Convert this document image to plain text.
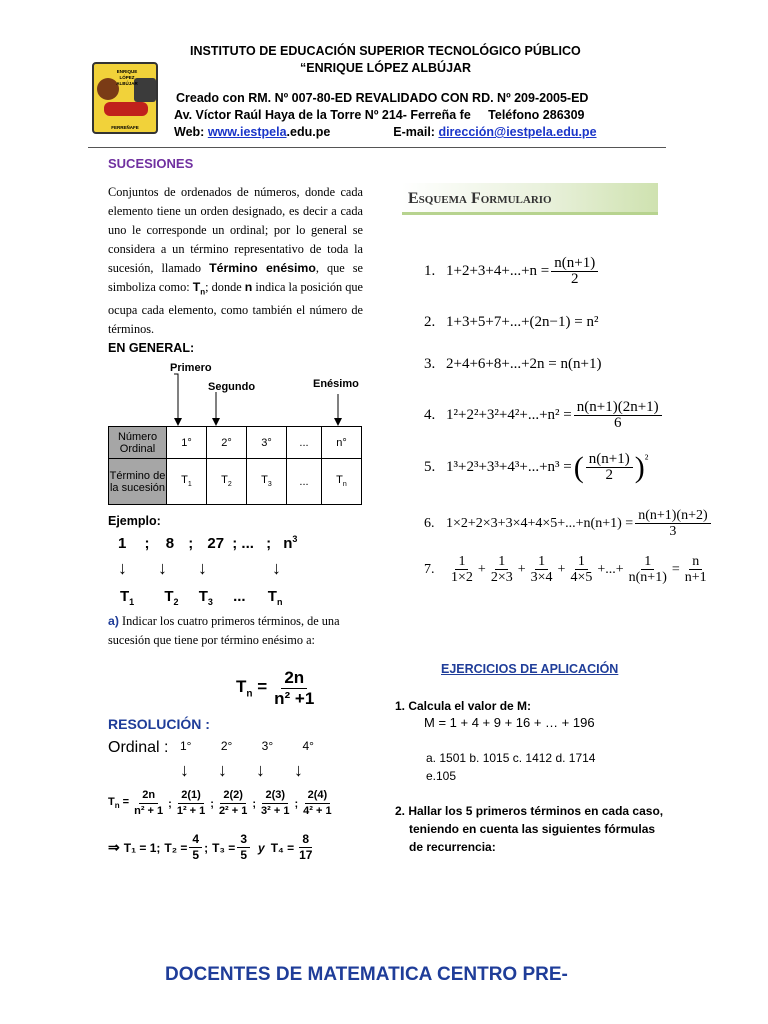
ENRIQUE
LÓPEZ
ALBÚJAR
FERREÑAFE
INSTITUTO DE EDUCACIÓN SUPERIOR TECNOLÓGICO PÚBLICO
“ENRIQUE LÓPEZ ALBÚJAR
Creado con RM. Nº 007-80-ED REVALIDADO CON RD. Nº 209-2005-ED
Av. Víctor Raúl Haya de la Torre Nº 214- Ferreña fe     Teléfono 286309
Web: www.iestpela.edu.pe	E-mail: dirección@iestpela.edu.pe
SUCESIONES
Conjuntos de ordenados de números, donde cada elemento tiene un orden designado, es decir a cada uno le corresponde un ordinal; por lo general se considera a un término representativo de toda la sucesión, llamado Término enésimo, que se simboliza como: $T_n$; donde n indica la posición que ocupa cada elemento, como también el número de términos.
EN GENERAL:
Primero
Segundo	Enésimo
Número Ordinal	1°	2°	3°	...	n°
Término de la sucesión	$T_1$	$T_2$	$T_3$	...	$T_n$
Ejemplo:
1 ; 8 ; 27 ; ... ; $n^3$
↓ ↓ ↓	↓
$T_1$ $T_2$ $T_3$ ... $T_n$
a) Indicar los cuatro primeros términos, de una sucesión que tiene por término enésimo a:
$T_n = \frac{2n}{\text{n² +1}}$
RESOLUCIÓN :
Ordinal : 1° 2° 3° 4°
↓ ↓ ↓ ↓
$T_n = \frac{2n}{\text{n² + 1}}$ ;
2(1)
1² + 1
;
2(2)
2² + 1
;
2(3)
3² + 1
;
2(4)
4² + 1
⇒ T₁ = 1 ; $T_2 = \frac{4}{5}$ ; $T_3 = \frac{3}{5}$ y $T_4 = \frac{8}{17}$
Esquema Formulario
1. $1+2+3+4+...+n = \frac{n(n+1)}{2}$
2. 1+3+5+7+...+(2n−1) = n²
3. 2+4+6+8+...+2n = n(n+1)
4. $1^2+2^2+3^2+4^2+...+n^2 = \frac{n(n+1)(2n+1)}{6}$
5. 1³+2³+3³+4³+...+n³ = ( n(n+1)
2 )$^{^2}$
6. $1\times 2+2\times 3+3\times 4+4\times 5+...+n(n+1) = \frac{n(n+1)(n+2)}{3}$
7.	1
1×2
+ 1
2×3
+ 1
3×4
+ 1
4×5
+...+ 1
n(n+1)
= n
n+1
EJERCICIOS DE APLICACIÓN
1. Calcula el valor de M:
M = 1 + 4 + 9 + 16 + … + 196
a. 1501 b. 1015 c. 1412 d. 1714
e.105
2. Hallar los 5 primeros términos en cada caso, teniendo en cuenta las siguientes fórmulas de recurrencia:
DOCENTES DE MATEMATICA CENTRO PRE-
